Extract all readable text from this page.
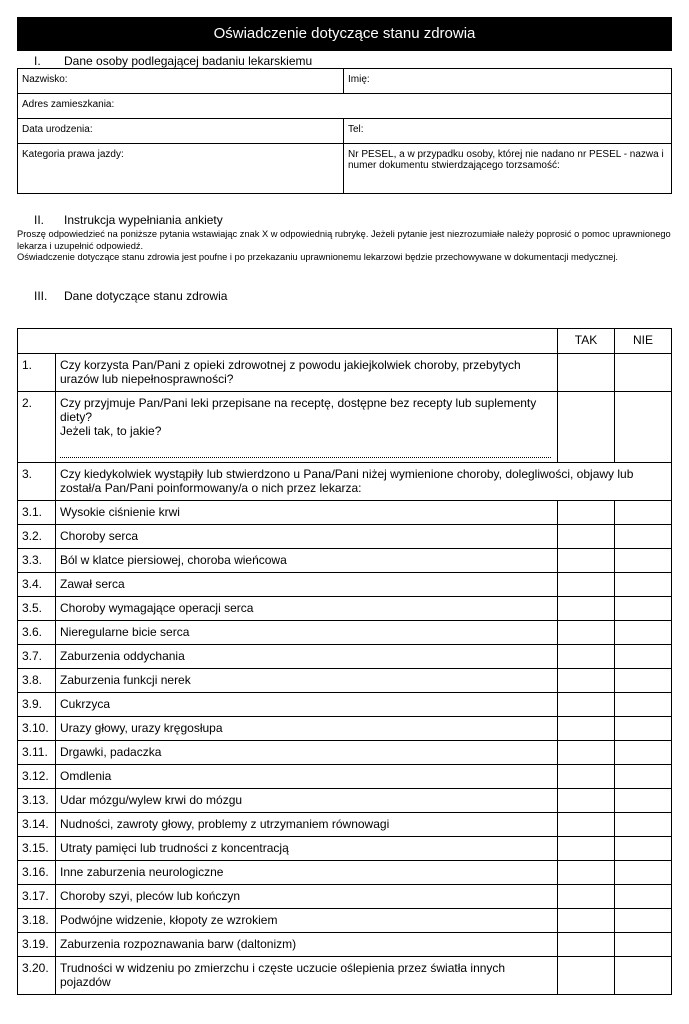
Oświadczenie dotyczące stanu zdrowia
I. Dane osoby podlegającej badaniu lekarskiemu
Nazwisko:	Imię:
Adres zamieszkania:	
Data urodzenia:	Tel:
Kategoria prawa jazdy:	Nr PESEL, a w przypadku osoby, której nie nadano nr PESEL - nazwa i numer dokumentu stwierdzającego torzsamość:
II. Instrukcja wypełniania ankiety
Proszę odpowiedzieć na poniższe pytania wstawiając znak X w odpowiednią rubrykę. Jeżeli pytanie jest niezrozumiałe należy poprosić o pomoc uprawnionego lekarza i uzupełnić odpowiedź.
Oświadczenie dotyczące stanu zdrowia jest poufne i po przekazaniu uprawnionemu lekarzowi będzie przechowywane w dokumentacji medycznej.
III. Dane dotyczące stanu zdrowia
		TAK	NIE
1.	Czy korzysta Pan/Pani z opieki zdrowotnej z powodu jakiejkolwiek choroby, przebytych urazów lub niepełnosprawności?		
2.	Czy przyjmuje Pan/Pani leki przepisane na receptę, dostępne bez recepty lub suplementy diety?
Jeżeli tak, to jakie?		

3.	Czy kiedykolwiek wystąpiły lub stwierdzono u Pana/Pani niżej wymienione choroby, dolegliwości, objawy lub został/a Pan/Pani poinformowany/a o nich przez lekarza:		
3.1.	Wysokie ciśnienie krwi		
3.2.	Choroby serca		
3.3.	Ból w klatce piersiowej, choroba wieńcowa		
3.4.	Zawał serca		
3.5.	Choroby wymagające operacji serca		
3.6.	Nieregularne bicie serca		
3.7.	Zaburzenia oddychania		
3.8.	Zaburzenia funkcji nerek		
3.9.	Cukrzyca		
3.10.	Urazy głowy, urazy kręgosłupa		
3.11.	Drgawki, padaczka		
3.12.	Omdlenia		
3.13.	Udar mózgu/wylew krwi do mózgu		
3.14.	Nudności, zawroty głowy, problemy z utrzymaniem równowagi		
3.15.	Utraty pamięci lub trudności z koncentracją		
3.16.	Inne zaburzenia neurologiczne		
3.17.	Choroby szyi, pleców lub kończyn		
3.18.	Podwójne widzenie, kłopoty ze wzrokiem		
3.19.	Zaburzenia rozpoznawania barw (daltonizm)		
3.20.	Trudności w widzeniu po zmierzchu i częste uczucie oślepienia przez światła innych pojazdów		
